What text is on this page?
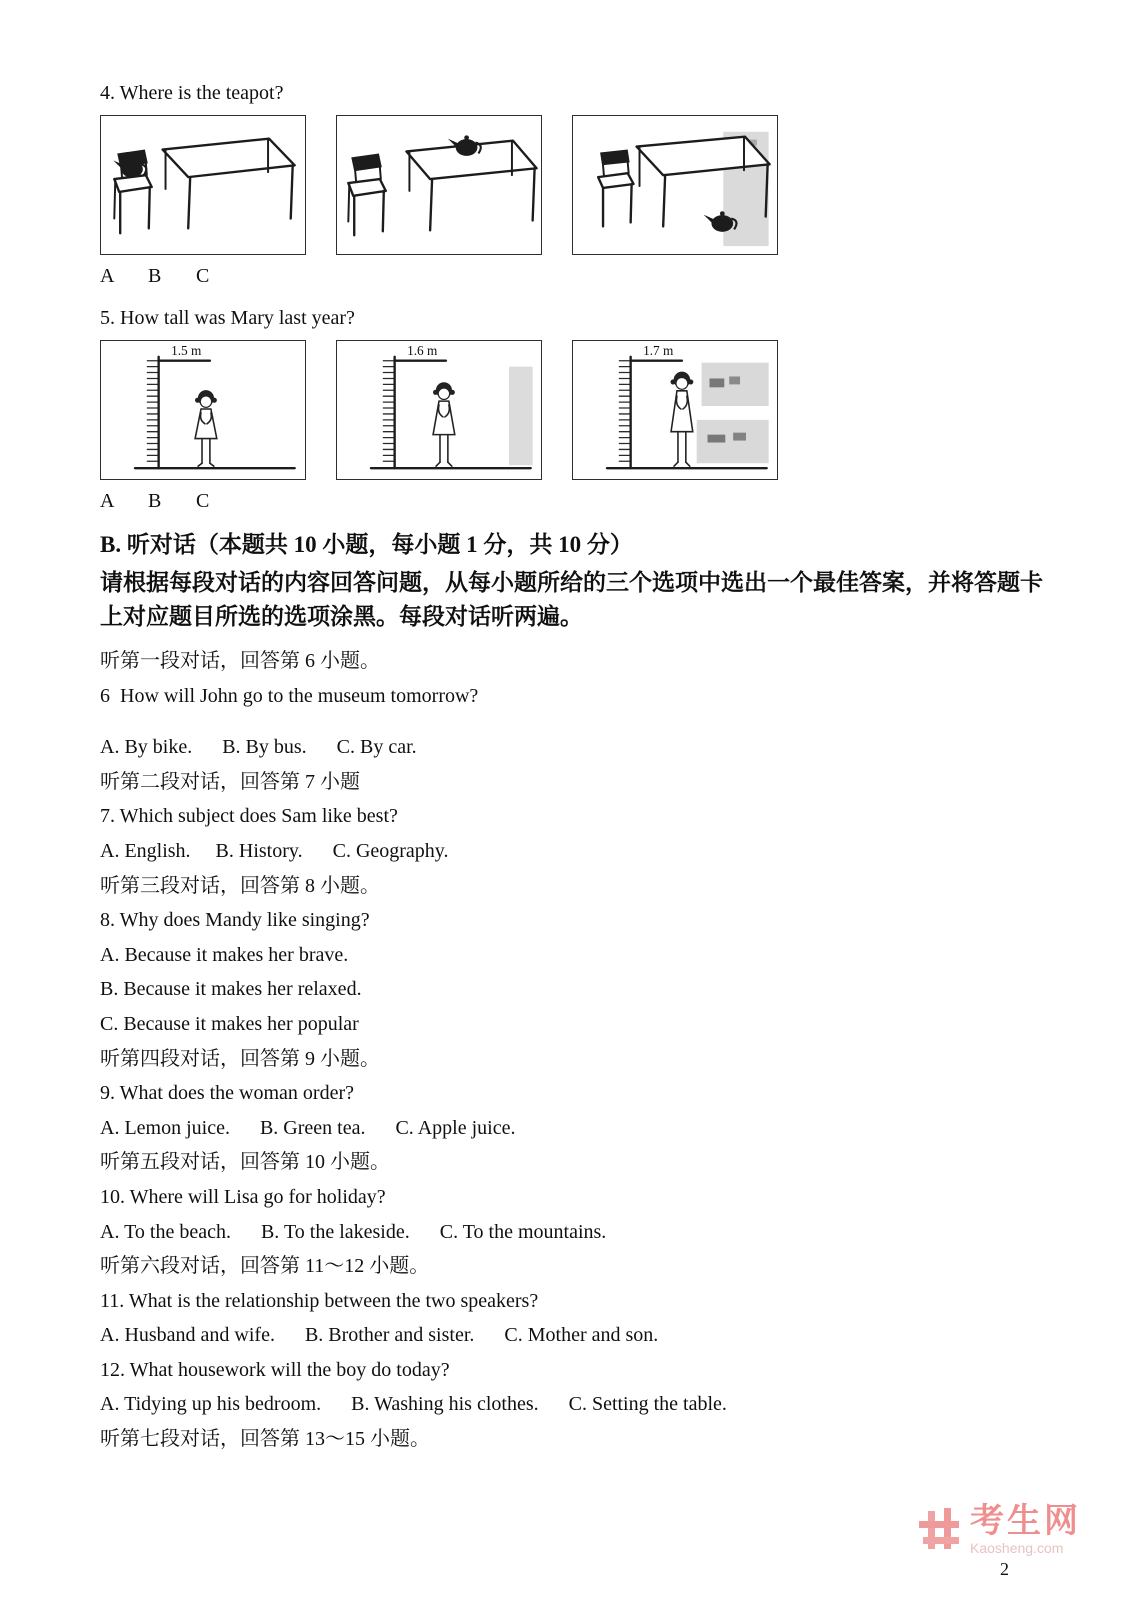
4. Where is the teapot?
A B C
5. How tall was Mary last year?
1.5 m	1.6 m	1.7 m
A B C
B. 听对话（本题共 10 小题，每小题 1 分，共 10 分）
请根据每段对话的内容回答问题，从每小题所给的三个选项中选出一个最佳答案，并将答题卡
上对应题目所选的选项涂黑。每段对话听两遍。
听第一段对话，回答第 6 小题。
6  How will John go to the museum tomorrow?
A. By bike.      B. By bus.      C. By car.
听第二段对话，回答第 7 小题
7. Which subject does Sam like best?
A. English.     B. History.      C. Geography.
听第三段对话，回答第 8 小题。
8. Why does Mandy like singing?
A. Because it makes her brave.
B. Because it makes her relaxed.
C. Because it makes her popular
听第四段对话，回答第 9 小题。
9. What does the woman order?
A. Lemon juice.      B. Green tea.      C. Apple juice.
听第五段对话，回答第 10 小题。
10. Where will Lisa go for holiday?
A. To the beach.      B. To the lakeside.      C. To the mountains.
听第六段对话，回答第 11～12 小题。
11. What is the relationship between the two speakers?
A. Husband and wife.      B. Brother and sister.      C. Mother and son.
12. What housework will the boy do today?
A. Tidying up his bedroom.      B. Washing his clothes.      C. Setting the table.
听第七段对话，回答第 13～15 小题。
考生网
Kaosheng.com
2
